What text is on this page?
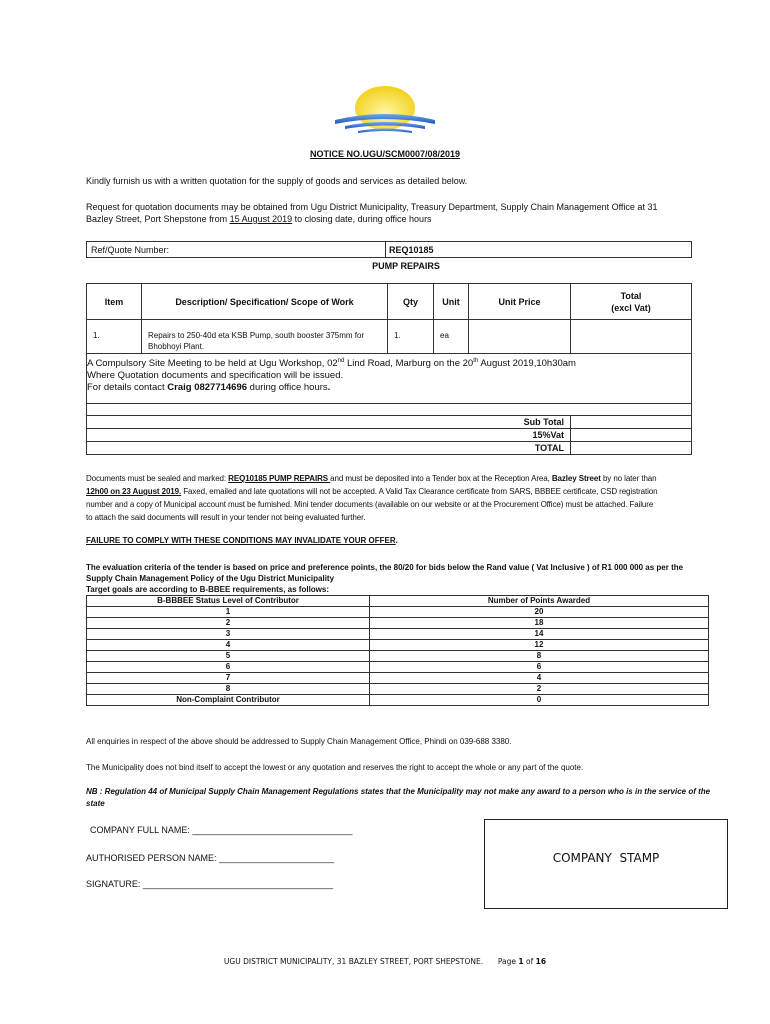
NOTICE NO.UGU/SCM0007/08/2019
Kindly furnish us with a written quotation for the supply of goods and services as detailed below.
Request for quotation documents may be obtained from Ugu District Municipality, Treasury Department, Supply Chain Management Office at 31
Bazley Street, Port Shepstone from 15 August 2019 to closing date, during office hours
Ref/Quote Number:	REQ10185
PUMP REPAIRS
Item	Description/ Specification/ Scope of Work	Qty	Unit	Unit Price	Total
(excl Vat)

1.	Repairs to 250-40d eta KSB Pump, south booster 375mm for
Bhobhoyi Plant.	1.	ea		

A Compulsory Site Meeting to be held at Ugu Workshop, 02nd Lind Road, Marburg on the 20th August 2019,10h30am
Where Quotation documents and specification will be issued.
For details contact Craig 0827714696 during office hours.					

Sub Total					
15%Vat					
TOTAL					
Documents must be sealed and marked: REQ10185 PUMP REPAIRS and must be deposited into a Tender box at the Reception Area, Bazley Street by no later than
12h00 on 23 August 2019. Faxed, emailed and late quotations will not be accepted. A Valid Tax Clearance certificate from SARS, BBBEE certificate, CSD registration
number and a copy of Municipal account must be furnished. Mini tender documents (available on our website or at the Procurement Office) must be attached. Failure
to attach the said documents will result in your tender not being evaluated further.
FAILURE TO COMPLY WITH THESE CONDITIONS MAY INVALIDATE YOUR OFFER.
The evaluation criteria of the tender is based on price and preference points, the 80/20 for bids below the Rand value ( Vat Inclusive ) of R1 000 000 as per the
Supply Chain Management Policy of the Ugu District Municipality
Target goals are according to B-BBEE requirements, as follows:
B-BBBEE Status Level of Contributor	Number of Points Awarded
1	20
2	18
3	14
4	12
5	8
6	6
7	4
8	2
Non-Complaint Contributor	0
All enquiries in respect of the above should be addressed to Supply Chain Management Office, Phindi on 039-688 3380.
The Municipality does not bind itself to accept the lowest or any quotation and reserves the right to accept the whole or any part of the quote.
NB : Regulation 44 of Municipal Supply Chain Management Regulations states that the Municipality may not make any award to a person who is in the service of the
state
COMPANY FULL NAME: ________________________________
AUTHORISED PERSON NAME: _______________________
SIGNATURE: ______________________________________
COMPANY  STAMP
UGU DISTRICT MUNICIPALITY, 31 BAZLEY STREET, PORT SHEPSTONE. Page 1 of 16
